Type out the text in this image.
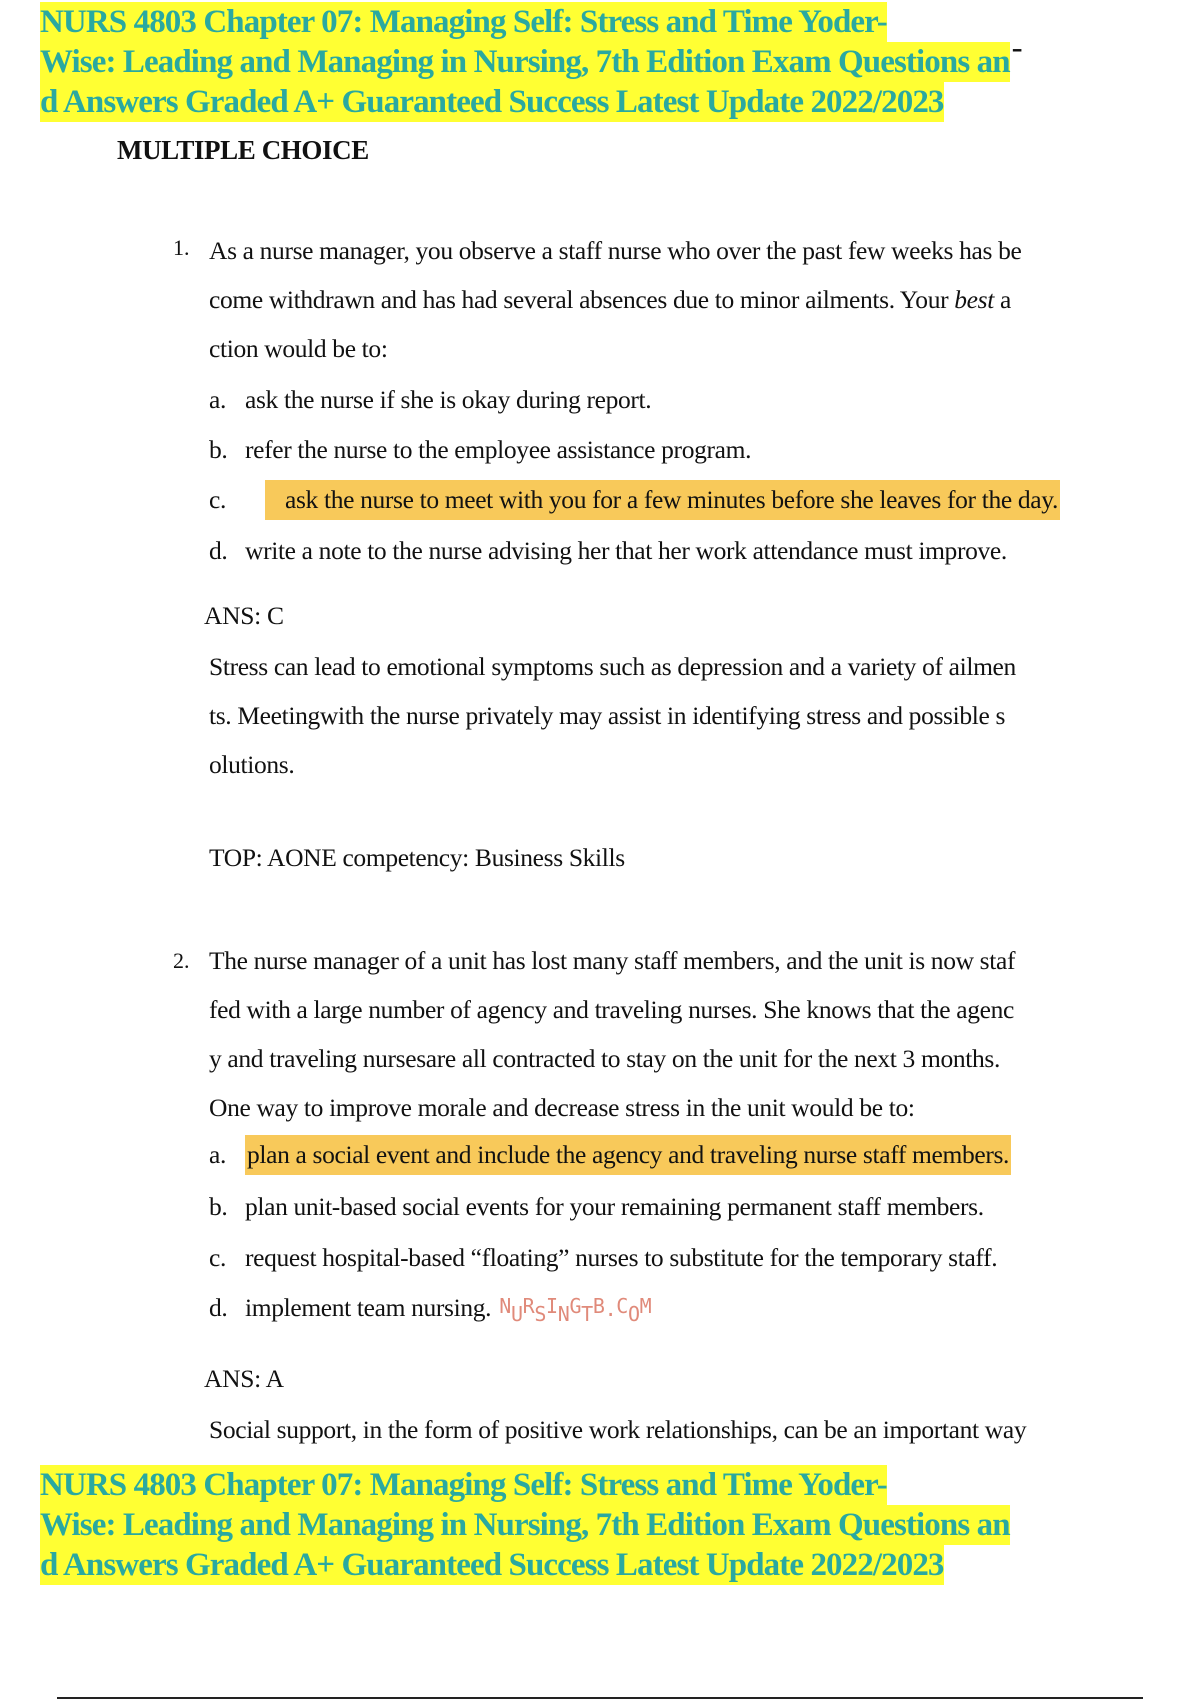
NURS 4803 Chapter 07: Managing Self: Stress and Time Yoder-
Wise: Leading and Managing in Nursing, 7th Edition Exam Questions an -
d Answers Graded A+ Guaranteed Success Latest Update 2022/2023
MULTIPLE CHOICE
1. As a nurse manager, you observe a staff nurse who over the past few weeks has be
come withdrawn and has had several absences due to minor ailments. Your best a
ction would be to:

a. ask the nurse if she is okay during report.
b. refer the nurse to the employee assistance program.
c. ask the nurse to meet with you for a few minutes before she leaves for the day.
d. write a note to the nurse advising her that her work attendance must improve.
ANS: C

Stress can lead to emotional symptoms such as depression and a variety of ailmen
ts. Meetingwith the nurse privately may assist in identifying stress and possible s
olutions.

TOP: AONE competency: Business Skills
2. The nurse manager of a unit has lost many staff members, and the unit is now staf
fed with a large number of agency and traveling nurses. She knows that the agenc
y and traveling nursesare all contracted to stay on the unit for the next 3 months.
One way to improve morale and decrease stress in the unit would be to:

a. plan a social event and include the agency and traveling nurse staff members.
b. plan unit-based social events for your remaining permanent staff members.
c. request hospital-based “floating” nurses to substitute for the temporary staff.
d. implement team nursing. NURSINGTB.COM
ANS: A

Social support, in the form of positive work relationships, can be an important way

NURS 4803 Chapter 07: Managing Self: Stress and Time Yoder-
Wise: Leading and Managing in Nursing, 7th Edition Exam Questions an
d Answers Graded A+ Guaranteed Success Latest Update 2022/2023
